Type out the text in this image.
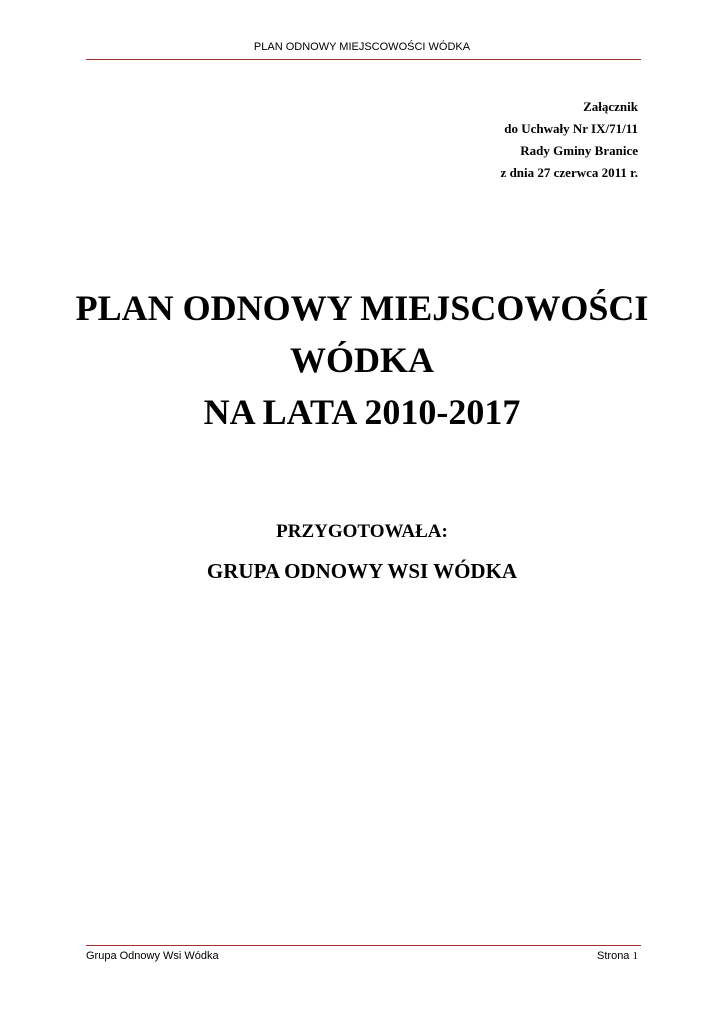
PLAN ODNOWY MIEJSCOWOŚCI WÓDKA
Załącznik
do Uchwały Nr IX/71/11
Rady Gminy Branice
z dnia 27 czerwca 2011 r.
PLAN ODNOWY MIEJSCOWOŚCI
WÓDKA
NA LATA 2010-2017
PRZYGOTOWAŁA:
GRUPA ODNOWY WSI WÓDKA
Grupa Odnowy Wsi Wódka	Strona 1
